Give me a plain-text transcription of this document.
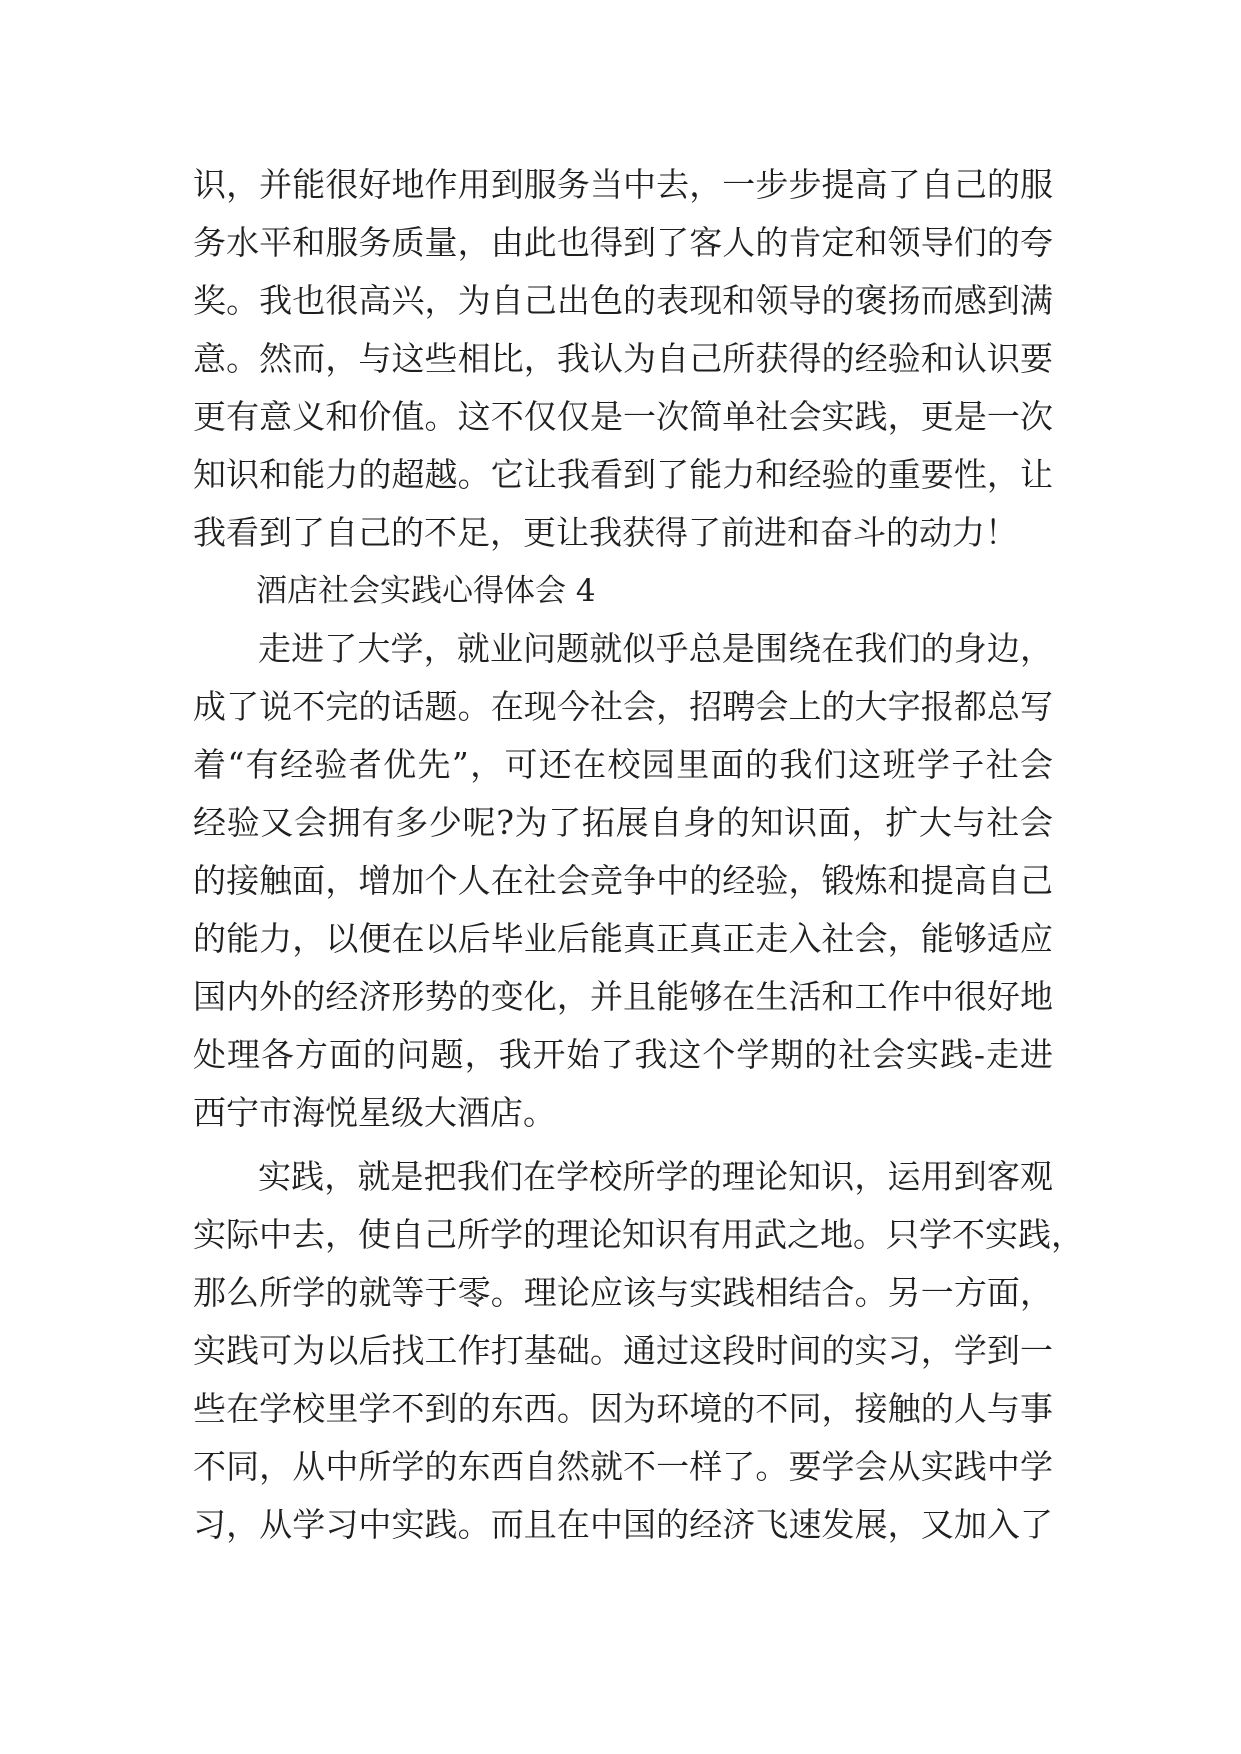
识，并能很好地作用到服务当中去，一步步提高了自己的服
务水平和服务质量，由此也得到了客人的肯定和领导们的夸
奖。我也很高兴，为自己出色的表现和领导的褒扬而感到满
意。然而，与这些相比，我认为自己所获得的经验和认识要
更有意义和价值。这不仅仅是一次简单社会实践，更是一次
知识和能力的超越。它让我看到了能力和经验的重要性，让
我看到了自己的不足，更让我获得了前进和奋斗的动力！
酒店社会实践心得体会 4
走进了大学，就业问题就似乎总是围绕在我们的身边，
成了说不完的话题。在现今社会，招聘会上的大字报都总写
着“有经验者优先”，可还在校园里面的我们这班学子社会
经验又会拥有多少呢?为了拓展自身的知识面，扩大与社会
的接触面，增加个人在社会竞争中的经验，锻炼和提高自己
的能力，以便在以后毕业后能真正真正走入社会，能够适应
国内外的经济形势的变化，并且能够在生活和工作中很好地
处理各方面的问题，我开始了我这个学期的社会实践-走进
西宁市海悦星级大酒店。
实践，就是把我们在学校所学的理论知识，运用到客观
实际中去，使自己所学的理论知识有用武之地。只学不实践，
那么所学的就等于零。理论应该与实践相结合。另一方面，
实践可为以后找工作打基础。通过这段时间的实习，学到一
些在学校里学不到的东西。因为环境的不同，接触的人与事
不同，从中所学的东西自然就不一样了。要学会从实践中学
习，从学习中实践。而且在中国的经济飞速发展，又加入了
